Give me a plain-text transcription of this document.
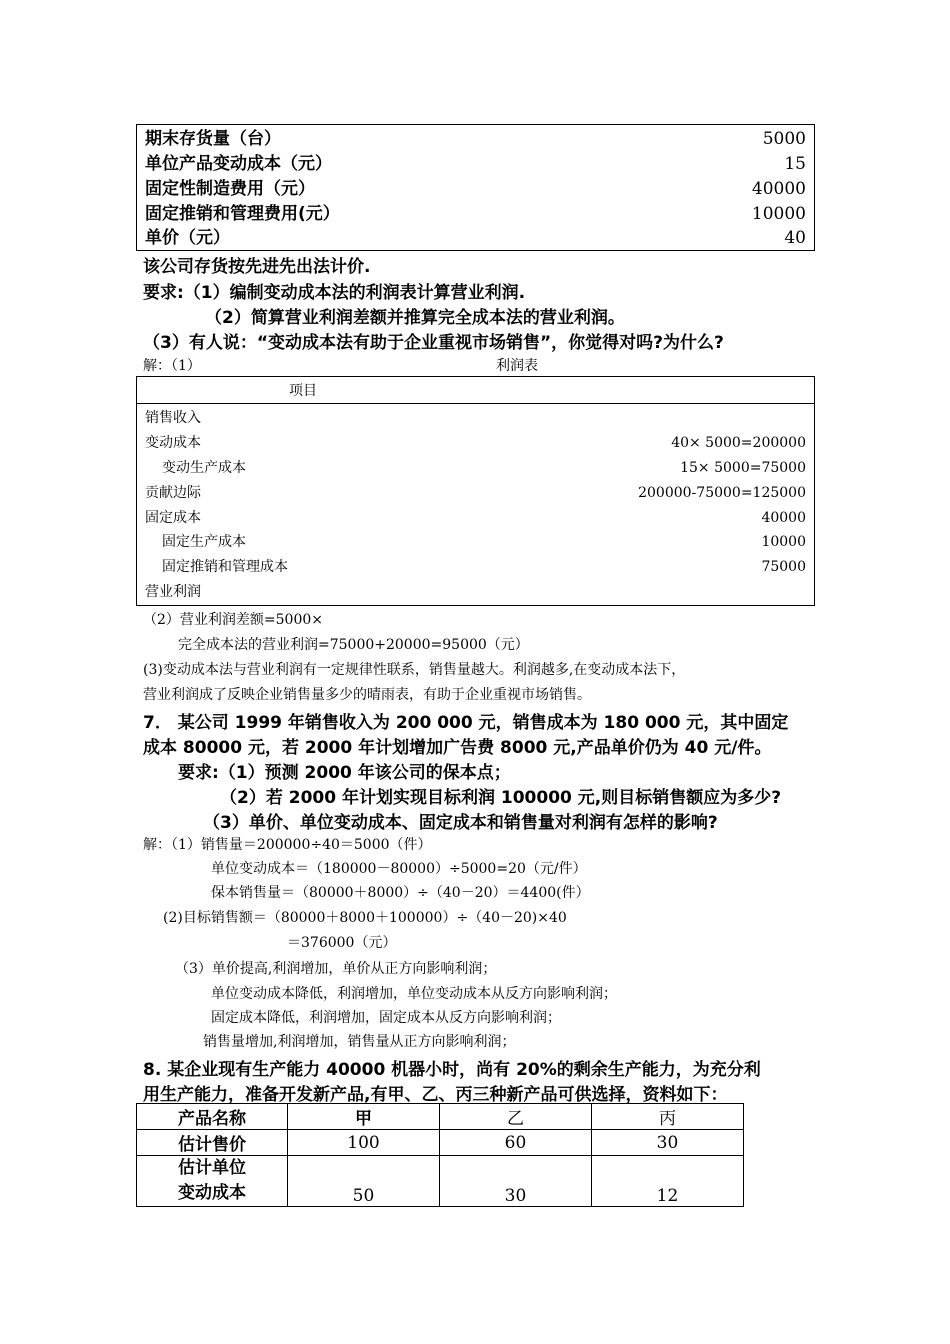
期末存货量（台）	5000
单位产品变动成本（元）	15
固定性制造费用（元）	40000
固定推销和管理费用(元）	10000
单价（元）	40
该公司存货按先进先出法计价.
要求:（1）编制变动成本法的利润表计算营业利润.
（2）简算营业利润差额并推算完全成本法的营业利润。
（3）有人说：“变动成本法有助于企业重视市场销售”，你觉得对吗?为什么?
解：（1）	利润表
项目
销售收入
变动成本	40× 5000=200000
变动生产成本	15× 5000=75000
贡献边际	200000-75000=125000
固定成本	40000
固定生产成本	10000
固定推销和管理成本	75000
营业利润
（2）营业利润差额=5000×
完全成本法的营业利润=75000+20000=95000（元）
(3)变动成本法与营业利润有一定规律性联系，销售量越大。利润越多,在变动成本法下，
营业利润成了反映企业销售量多少的晴雨表，有助于企业重视市场销售。
7． 某公司 1999 年销售收入为 200 000 元，销售成本为 180 000 元，其中固定
成本 80000 元，若 2000 年计划增加广告费 8000 元,产品单价仍为 40 元/件。
要求:（1）预测 2000 年该公司的保本点；
（2）若 2000 年计划实现目标利润 100000 元,则目标销售额应为多少?
（3）单价、单位变动成本、固定成本和销售量对利润有怎样的影响?
解：（1）销售量＝200000÷40＝5000（件）
单位变动成本＝（180000－80000）÷5000=20（元/件）
保本销售量＝（80000＋8000）÷（40－20）＝4400(件）
(2)目标销售额＝（80000＋8000＋100000）÷（40－20)×40
＝376000（元）
（3）单价提高,利润增加，单价从正方向影响利润；
单位变动成本降低，利润增加，单位变动成本从反方向影响利润；
固定成本降低，利润增加，固定成本从反方向影响利润；
销售量增加,利润增加，销售量从正方向影响利润；
8. 某企业现有生产能力 40000 机器小时，尚有 20%的剩余生产能力，为充分利
用生产能力，准备开发新产品,有甲、乙、丙三种新产品可供选择，资料如下：
产品名称	甲	乙	丙
估计售价	100	60	30

估计单位
变动成本	50	30	12
